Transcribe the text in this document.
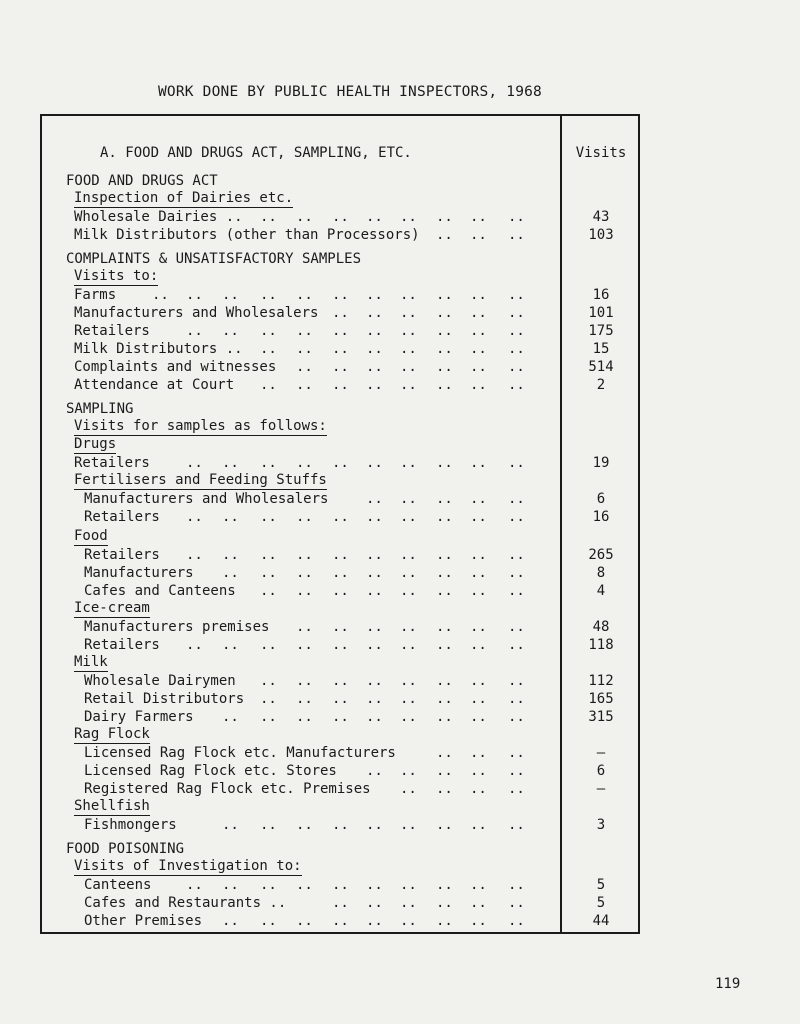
WORK DONE BY PUBLIC HEALTH INSPECTORS, 1968
A. FOOD AND DRUGS ACT, SAMPLING, ETC.	Visits
FOOD AND DRUGS ACT
Inspection of Dairies etc.
Wholesale Dairies .. .. .. .. .. .. .. .. ..	43
Milk Distributors (other than Processors) .. .. ..	103
COMPLAINTS & UNSATISFACTORY SAMPLES
Visits to:
Farms	.. .. .. .. .. .. .. .. .. .. ..	16
Manufacturers and Wholesalers .. .. .. .. .. ..	101
Retailers	.. .. .. .. .. .. .. .. .. ..	175
Milk Distributors .. .. .. .. .. .. .. .. ..	15
Complaints and witnesses .. .. .. .. .. .. ..	514
Attendance at Court .. .. .. .. .. .. .. ..	2
SAMPLING
Visits for samples as follows:
Drugs
Retailers	.. .. .. .. .. .. .. .. .. ..	19
Fertilisers and Feeding Stuffs
Manufacturers and Wholesalers	.. .. .. .. ..	6
Retailers .. .. .. .. .. .. .. .. .. ..	16
Food
Retailers .. .. .. .. .. .. .. .. .. ..	265
Manufacturers .. .. .. .. .. .. .. .. ..	8
Cafes and Canteens .. .. .. .. .. .. .. ..	4
Ice-cream
Manufacturers premises .. .. .. .. .. .. ..	48
Retailers .. .. .. .. .. .. .. .. .. ..	118
Milk
Wholesale Dairymen .. .. .. .. .. .. .. ..	112
Retail Distributors .. .. .. .. .. .. .. ..	165
Dairy Farmers .. .. .. .. .. .. .. .. ..	315
Rag Flock
Licensed Rag Flock etc. Manufacturers	.. .. ..	–
Licensed Rag Flock etc. Stores .. .. .. .. ..	6
Registered Rag Flock etc. Premises .. .. .. ..	–
Shellfish
Fishmongers	.. .. .. .. .. .. .. .. ..	3
FOOD POISONING
Visits of Investigation to:
Canteens .. .. .. .. .. .. .. .. .. ..	5
Cafes and Restaurants ..	.. .. .. .. .. ..	5
Other Premises .. .. .. .. .. .. .. .. ..	44
119
